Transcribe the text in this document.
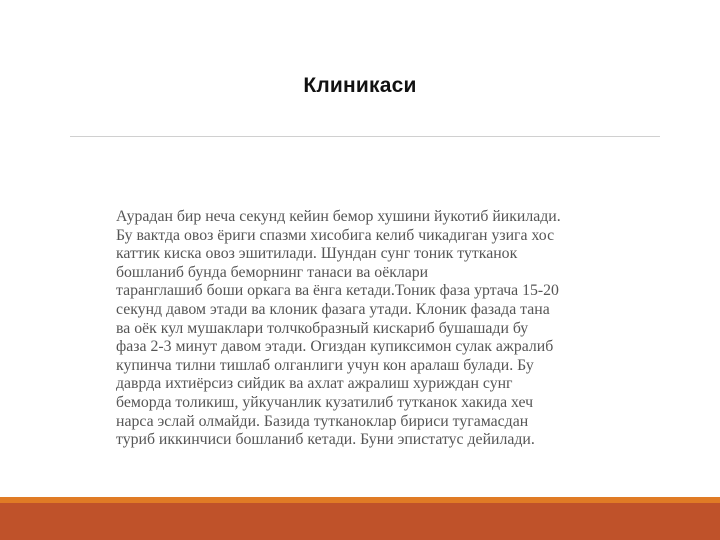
Клиникаси

Аурадан бир неча секунд кейин бемор хушини йукотиб йикилади.
Бу вактда овоз ёриги спазми хисобига келиб чикадиган узига хос
каттик киска овоз эшитилади. Шундан сунг тоник тутканок
бошланиб бунда беморнинг танаси ва оёклари
таранглашиб боши оркага ва ёнга кетади.Тоник фаза уртача 15-20
секунд давом этади ва клоник фазага утади. Клоник фазада тана
ва оёк кул мушаклари толчкобразный кискариб бушашади бу
фаза 2-3 минут давом этади. Огиздан купиксимон сулак ажралиб
купинча тилни тишлаб олганлиги учун кон аралаш булади. Бу
даврда ихтиёрсиз сийдик ва ахлат ажралиш хуриждан сунг
беморда толикиш, уйкучанлик кузатилиб тутканок хакида хеч
нарса эслай олмайди. Базида тутканоклар бириси тугамасдан
туриб иккинчиси бошланиб кетади. Буни эпистатус дейилади.
